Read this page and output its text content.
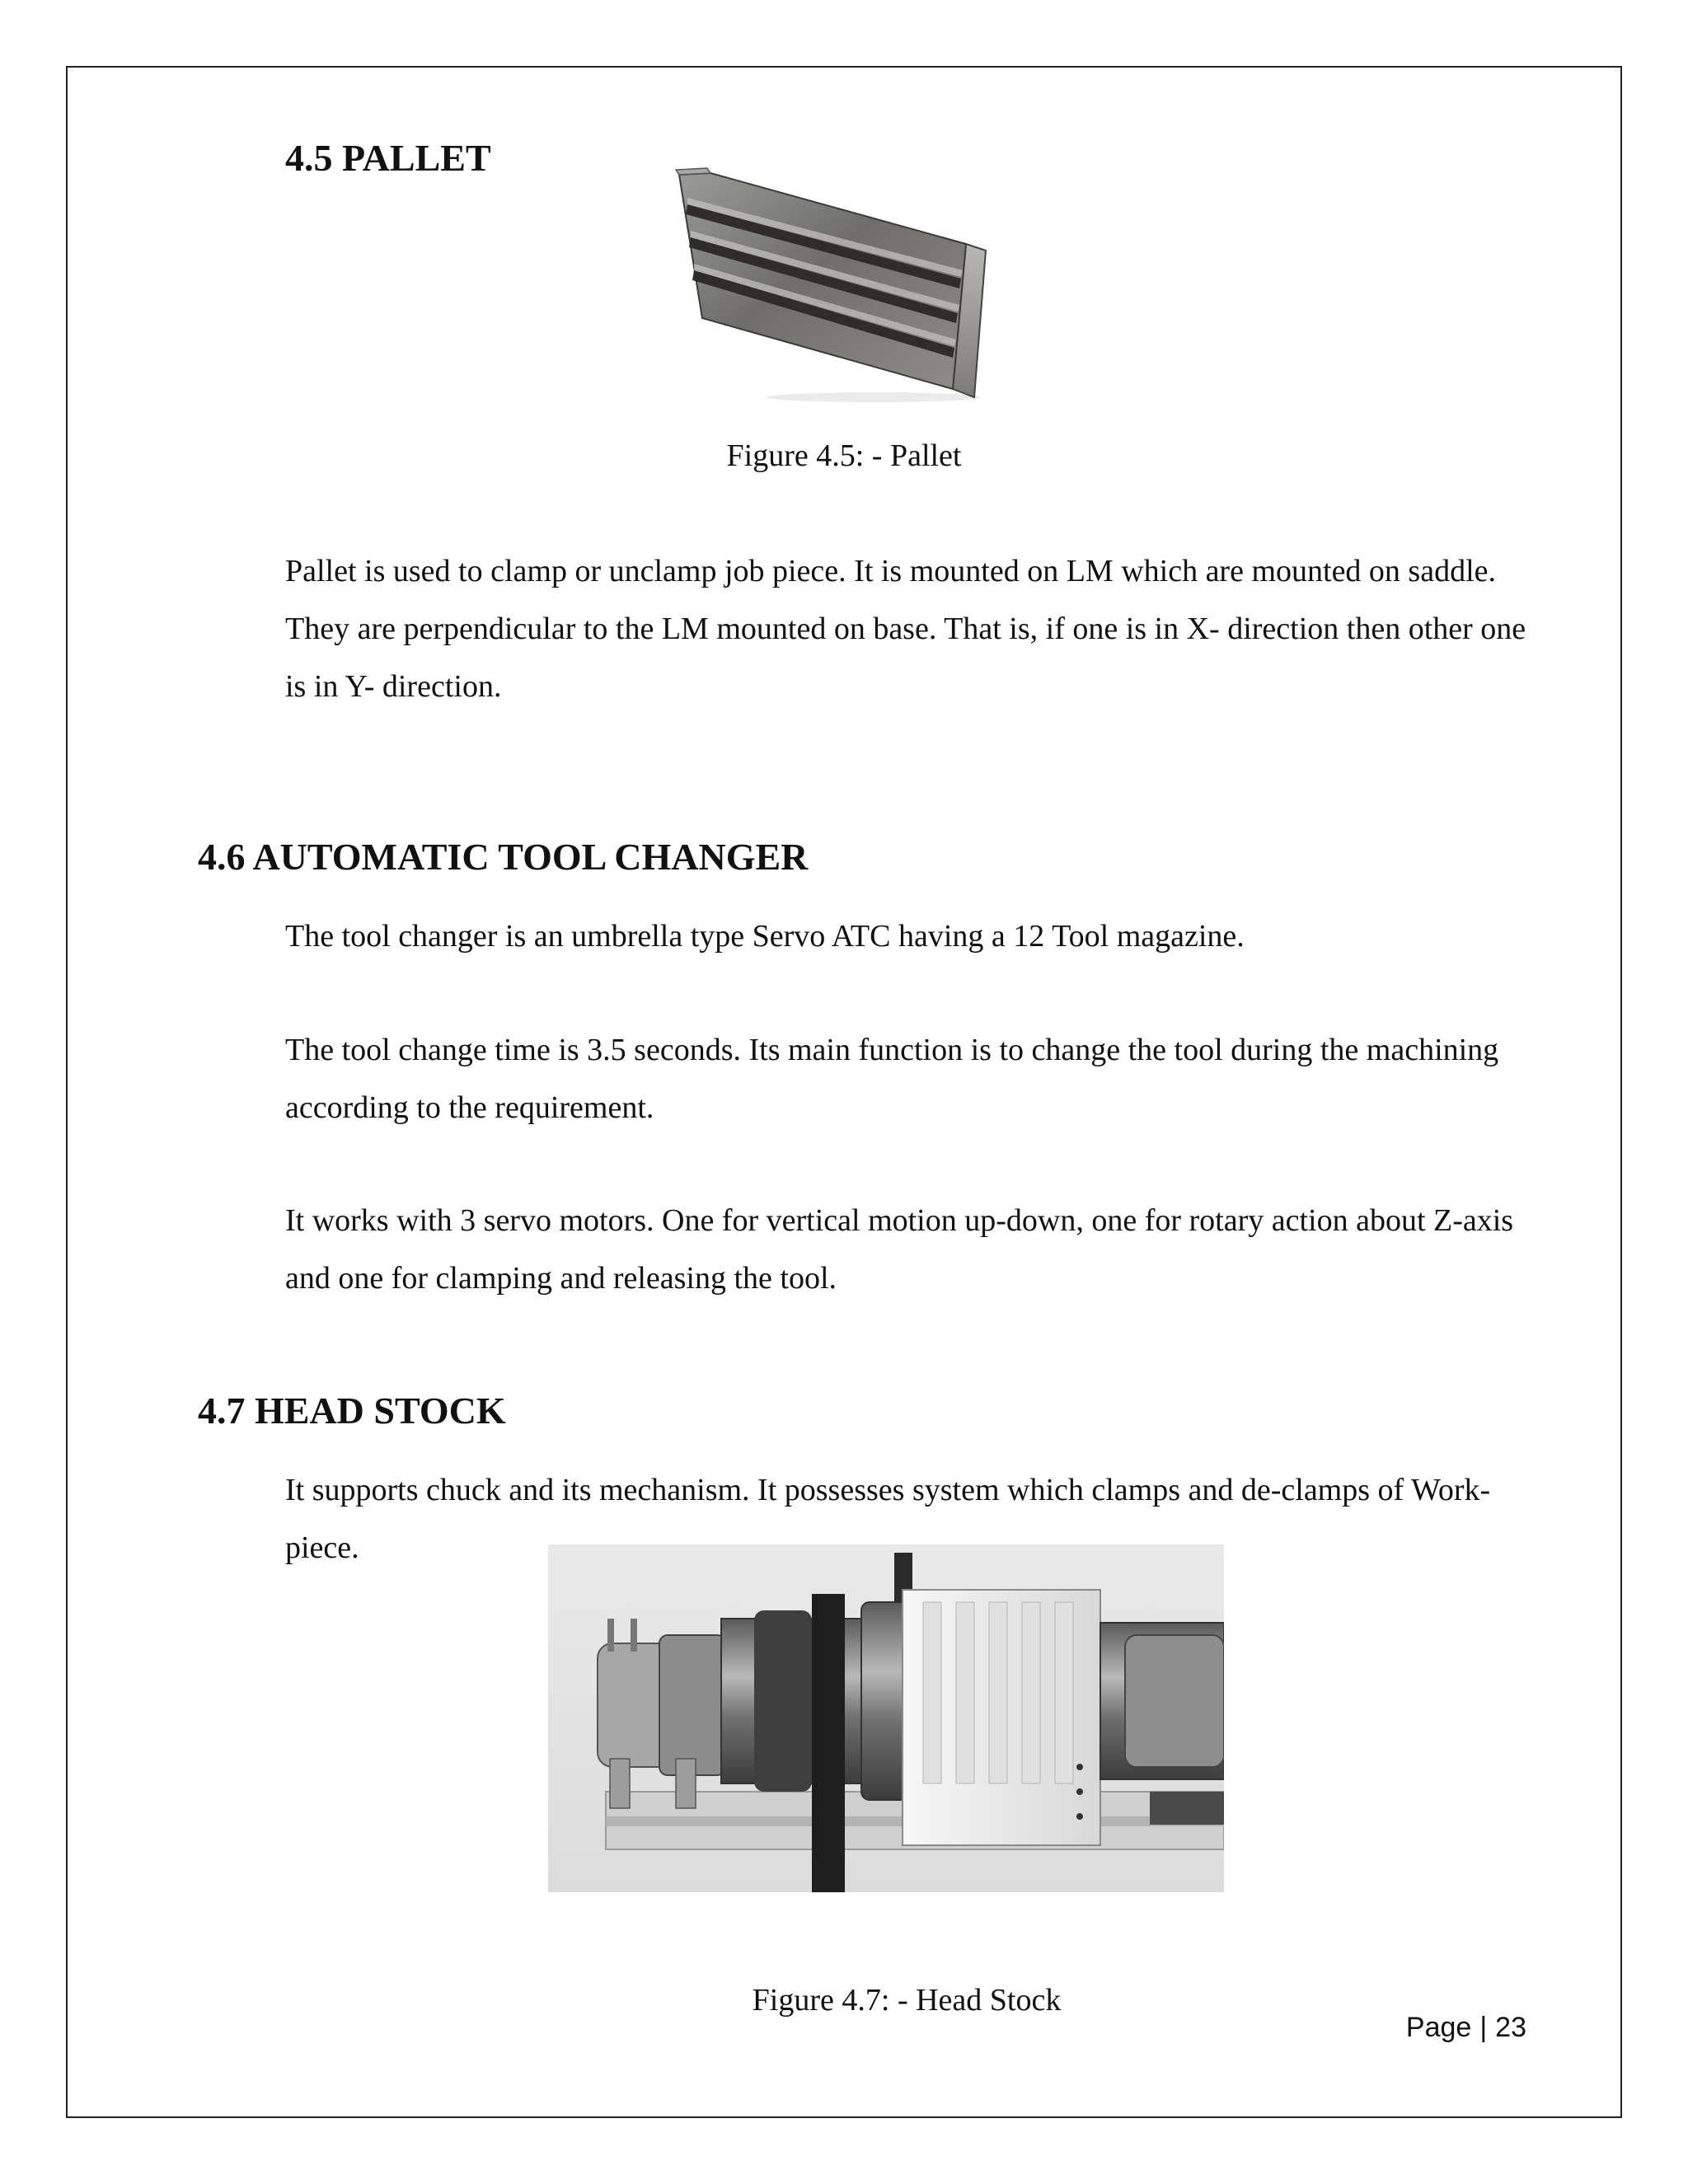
4.5 PALLET

Figure 4.5: - Pallet

Pallet is used to clamp or unclamp job piece. It is mounted on LM which are mounted on saddle. They are perpendicular to the LM mounted on base. That is, if one is in X- direction then other one is in Y- direction.

4.6 AUTOMATIC TOOL CHANGER

The tool changer is an umbrella type Servo ATC having a 12 Tool magazine.

The tool change time is 3.5 seconds. Its main function is to change the tool during the machining according to the requirement.

It works with 3 servo motors. One for vertical motion up-down, one for rotary action about Z-axis and one for clamping and releasing the tool.

4.7 HEAD STOCK

It supports chuck and its mechanism. It possesses system which clamps and de-clamps of Work-piece.

Figure 4.7: - Head Stock

Page | 23
